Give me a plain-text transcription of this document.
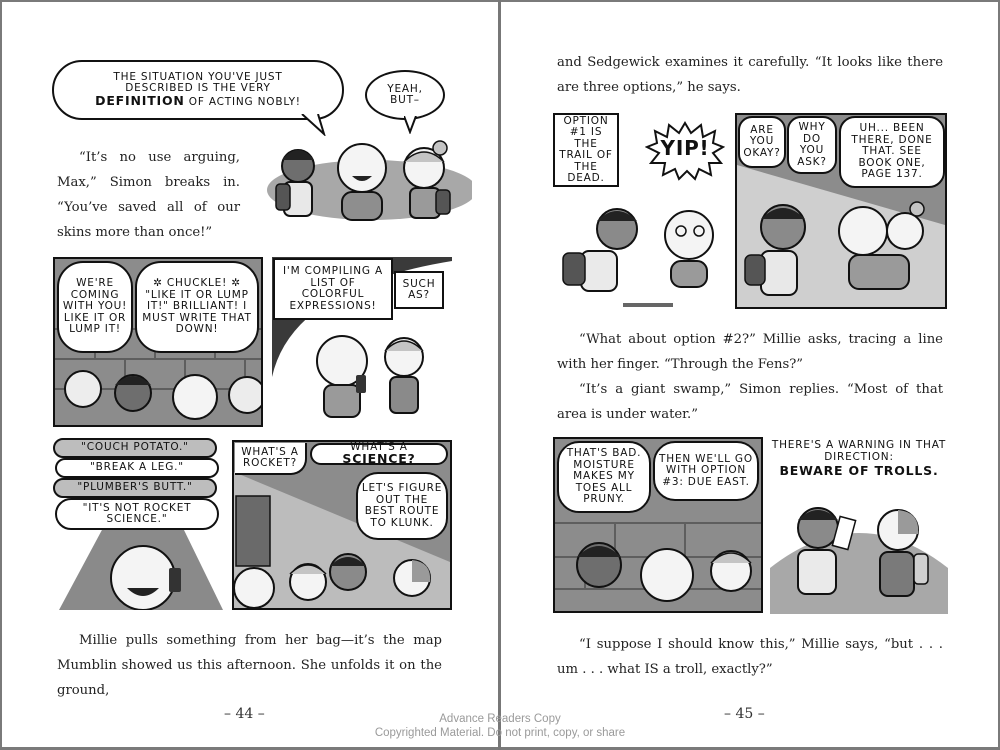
THE SITUATION YOU'VE JUST
DESCRIBED IS THE VERY
DEFINITION OF ACTING NOBLY!
YEAH, BUT–

“It’s no use arguing, Max,” Simon breaks in. “You’ve saved all of our skins more than once!”

WE'RE COMING WITH YOU! LIKE IT OR LUMP IT!
✲ CHUCKLE! ✲ "LIKE IT OR LUMP IT!" BRILLIANT! I MUST WRITE THAT DOWN!
I'M COMPILING A LIST OF COLORFUL EXPRESSIONS!
SUCH AS?
"COUCH POTATO."
"BREAK A LEG."
"PLUMBER'S BUTT."
"IT'S NOT ROCKET SCIENCE."
WHAT'S A ROCKET?
WHAT'S A SCIENCE?
LET'S FIGURE OUT THE BEST ROUTE TO KLUNK.

Millie pulls something from her bag—it’s the map Mumblin showed us this afternoon. She unfolds it on the ground,

– 44 –

and Sedgewick examines it carefully. “It looks like there are three options,” he says.

OPTION #1 IS THE TRAIL OF THE DEAD.
YIP!
ARE YOU OKAY?
WHY DO YOU ASK?
UH... BEEN THERE, DONE THAT. SEE BOOK ONE, PAGE 137.

“What about option #2?” Millie asks, tracing a line with her finger. “Through the Fens?”

“It’s a giant swamp,” Simon replies. “Most of that area is under water.”

THAT'S BAD. MOISTURE MAKES MY TOES ALL PRUNY.
THEN WE'LL GO WITH OPTION #3: DUE EAST.
THERE'S A WARNING IN THAT DIRECTION:
BEWARE OF TROLLS.

“I suppose I should know this,” Millie says, “but . . . um . . . what IS a troll, exactly?”

– 45 –
Advance Readers Copy
Copyrighted Material. Do not print, copy, or share
